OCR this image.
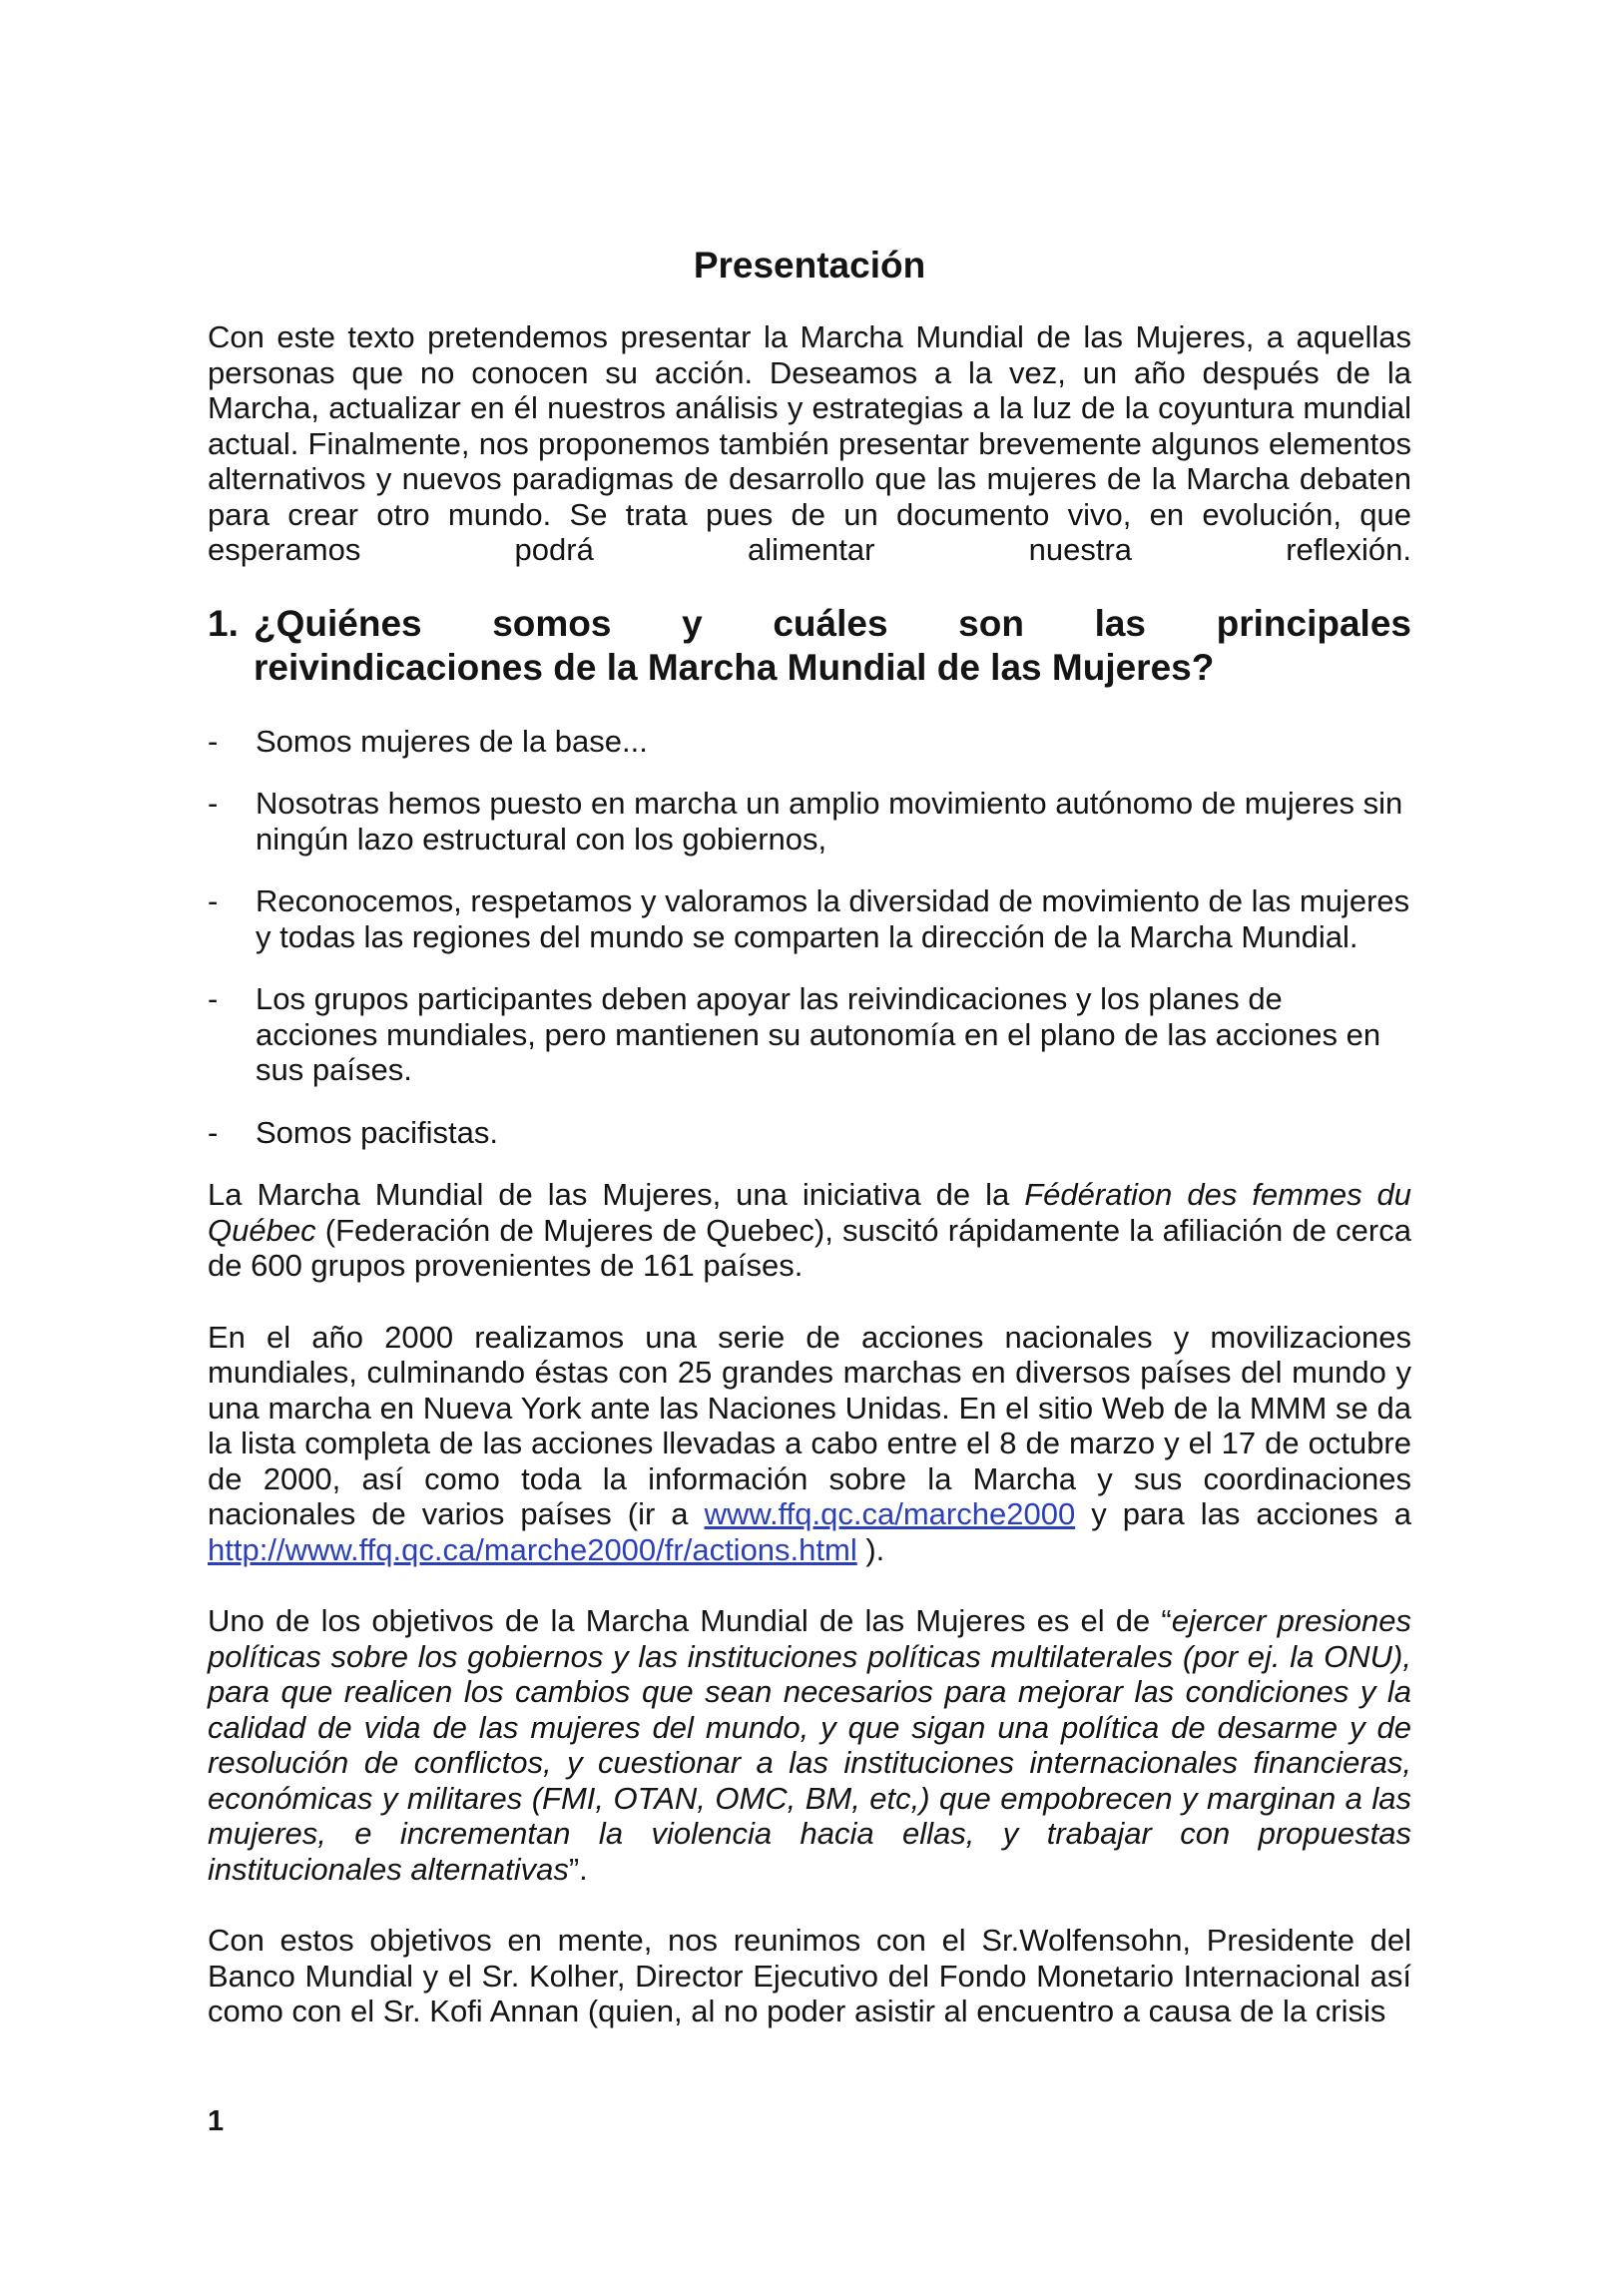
Presentación

Con este texto pretendemos presentar la Marcha Mundial de las Mujeres, a aquellas personas que no conocen su acción. Deseamos a la vez, un año después de la Marcha, actualizar en él nuestros análisis y estrategias a la luz de la coyuntura mundial actual. Finalmente, nos proponemos también presentar brevemente algunos elementos alternativos y nuevos paradigmas de desarrollo que las mujeres de la Marcha debaten para crear otro mundo. Se trata pues de un documento vivo, en evolución, que esperamos podrá alimentar nuestra reflexión.

1. ¿Quiénes somos y cuáles son las principales
reivindicaciones de la Marcha Mundial de las Mujeres?
-	Somos mujeres de la base...
-	Nosotras hemos puesto en marcha un amplio movimiento autónomo de mujeres sin ningún lazo estructural con los gobiernos,
-	Reconocemos, respetamos y valoramos la diversidad de movimiento de las mujeres y todas las regiones del mundo se comparten la dirección de la Marcha Mundial.
-	Los grupos participantes deben apoyar las reivindicaciones y los planes de acciones mundiales, pero mantienen su autonomía en el plano de las acciones en sus países.
-	Somos pacifistas.

La Marcha Mundial de las Mujeres, una iniciativa de la Fédération des femmes du Québec (Federación de Mujeres de Quebec), suscitó rápidamente la afiliación de cerca de 600 grupos provenientes de 161 países.

En el año 2000 realizamos una serie de acciones nacionales y movilizaciones mundiales, culminando éstas con 25 grandes marchas en diversos países del mundo y una marcha en Nueva York ante las Naciones Unidas. En el sitio Web de la MMM se da la lista completa de las acciones llevadas a cabo entre el 8 de marzo y el 17 de octubre de 2000, así como toda la información sobre la Marcha y sus coordinaciones nacionales de varios países (ir a www.ffq.qc.ca/marche2000 y para las acciones a http://www.ffq.qc.ca/marche2000/fr/actions.html ).

Uno de los objetivos de la Marcha Mundial de las Mujeres es el de “ejercer presiones políticas sobre los gobiernos y las instituciones políticas multilaterales (por ej. la ONU), para que realicen los cambios que sean necesarios para mejorar las condiciones y la calidad de vida de las mujeres del mundo, y que sigan una política de desarme y de resolución de conflictos, y cuestionar a las instituciones internacionales financieras, económicas y militares (FMI, OTAN, OMC, BM, etc,) que empobrecen y marginan a las mujeres, e incrementan la violencia hacia ellas, y trabajar con propuestas institucionales alternativas”.

Con estos objetivos en mente, nos reunimos con el Sr.Wolfensohn, Presidente del Banco Mundial y el Sr. Kolher, Director Ejecutivo del Fondo Monetario Internacional así como con el Sr. Kofi Annan (quien, al no poder asistir al encuentro a causa de la crisis

1
